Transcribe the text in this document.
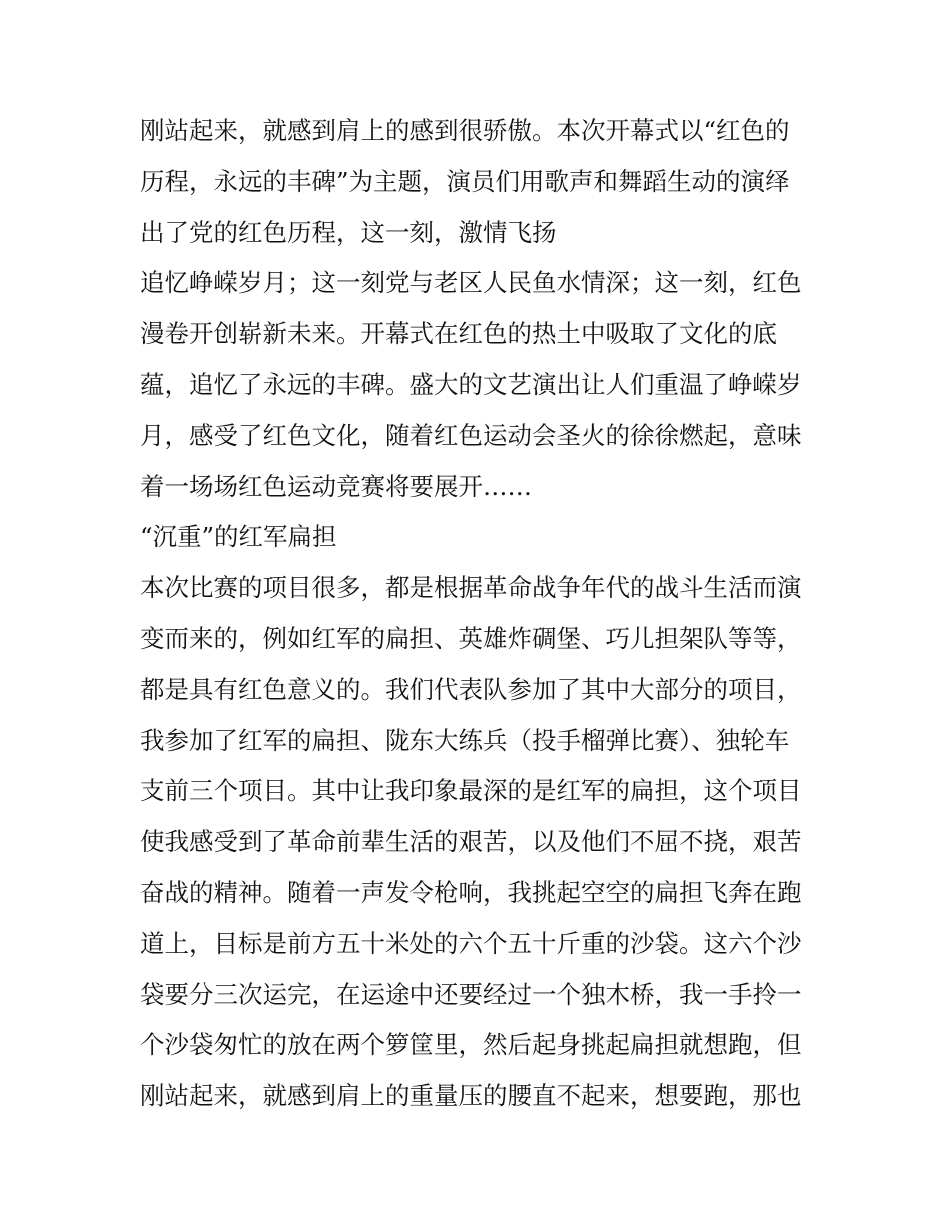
刚站起来，就感到肩上的感到很骄傲。本次开幕式以“红色的
历程，永远的丰碑”为主题，演员们用歌声和舞蹈生动的演绎
出了党的红色历程，这一刻，激情飞扬
追忆峥嵘岁月；这一刻党与老区人民鱼水情深；这一刻，红色
漫卷开创崭新未来。开幕式在红色的热土中吸取了文化的底
蕴，追忆了永远的丰碑。盛大的文艺演出让人们重温了峥嵘岁
月，感受了红色文化，随着红色运动会圣火的徐徐燃起，意味
着一场场红色运动竞赛将要展开……
“沉重”的红军扁担
本次比赛的项目很多，都是根据革命战争年代的战斗生活而演
变而来的，例如红军的扁担、英雄炸碉堡、巧儿担架队等等，
都是具有红色意义的。我们代表队参加了其中大部分的项目，
我参加了红军的扁担、陇东大练兵（投手榴弹比赛）、独轮车
支前三个项目。其中让我印象最深的是红军的扁担，这个项目
使我感受到了革命前辈生活的艰苦，以及他们不屈不挠，艰苦
奋战的精神。随着一声发令枪响，我挑起空空的扁担飞奔在跑
道上，目标是前方五十米处的六个五十斤重的沙袋。这六个沙
袋要分三次运完，在运途中还要经过一个独木桥，我一手拎一
个沙袋匆忙的放在两个箩筐里，然后起身挑起扁担就想跑，但
刚站起来，就感到肩上的重量压的腰直不起来，想要跑，那也
